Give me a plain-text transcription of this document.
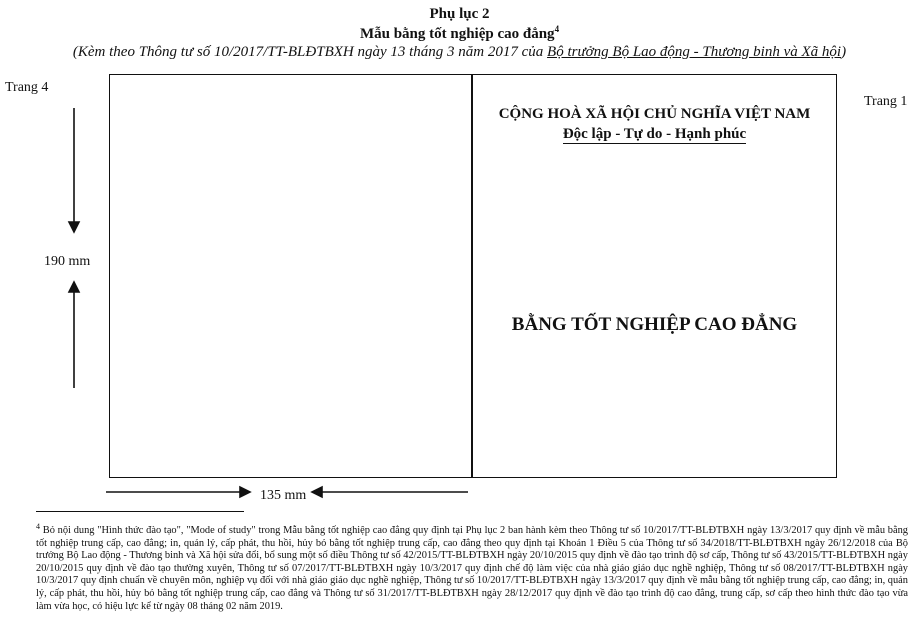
Phụ lục 2
Mẫu bằng tốt nghiệp cao đẳng$^4$
(Kèm theo Thông tư số 10/2017/TT-BLĐTBXH ngày 13 tháng 3 năm 2017 của Bộ trưởng Bộ Lao động - Thương binh và Xã hội)
Trang 4
Trang 1
CỘNG HOÀ XÃ HỘI CHỦ NGHĨA VIỆT NAM
Độc lập - Tự do - Hạnh phúc
BẰNG TỐT NGHIỆP CAO ĐẲNG
190 mm
135 mm
$^4$ Bỏ nội dung "Hình thức đào tạo", "Mode of study" trong Mẫu bằng tốt nghiệp cao đẳng quy định tại Phụ lục 2 ban hành kèm theo Thông tư số 10/2017/TT-BLĐTBXH ngày 13/3/2017 quy định về mẫu bằng tốt nghiệp trung cấp, cao đẳng; in, quản lý, cấp phát, thu hồi, hủy bỏ bằng tốt nghiệp trung cấp, cao đẳng theo quy định tại Khoản 1 Điều 5 của Thông tư số 34/2018/TT-BLĐTBXH ngày 26/12/2018 của Bộ trưởng Bộ Lao động - Thương binh và Xã hội sửa đổi, bổ sung một số điều Thông tư số 42/2015/TT-BLĐTBXH ngày 20/10/2015 quy định về đào tạo trình độ sơ cấp, Thông tư số 43/2015/TT-BLĐTBXH ngày 20/10/2015 quy định về đào tạo thường xuyên, Thông tư số 07/2017/TT-BLĐTBXH ngày 10/3/2017 quy định chế độ làm việc của nhà giáo giáo dục nghề nghiệp, Thông tư số 08/2017/TT-BLĐTBXH ngày 10/3/2017 quy định chuẩn về chuyên môn, nghiệp vụ đối với nhà giáo giáo dục nghề nghiệp, Thông tư số 10/2017/TT-BLĐTBXH ngày 13/3/2017 quy định về mẫu bằng tốt nghiệp trung cấp, cao đẳng; in, quản lý, cấp phát, thu hồi, hủy bỏ bằng tốt nghiệp trung cấp, cao đẳng và Thông tư số 31/2017/TT-BLĐTBXH ngày 28/12/2017 quy định về đào tạo trình độ cao đẳng, trung cấp, sơ cấp theo hình thức đào tạo vừa làm vừa học, có hiệu lực kể từ ngày 08 tháng 02 năm 2019.
